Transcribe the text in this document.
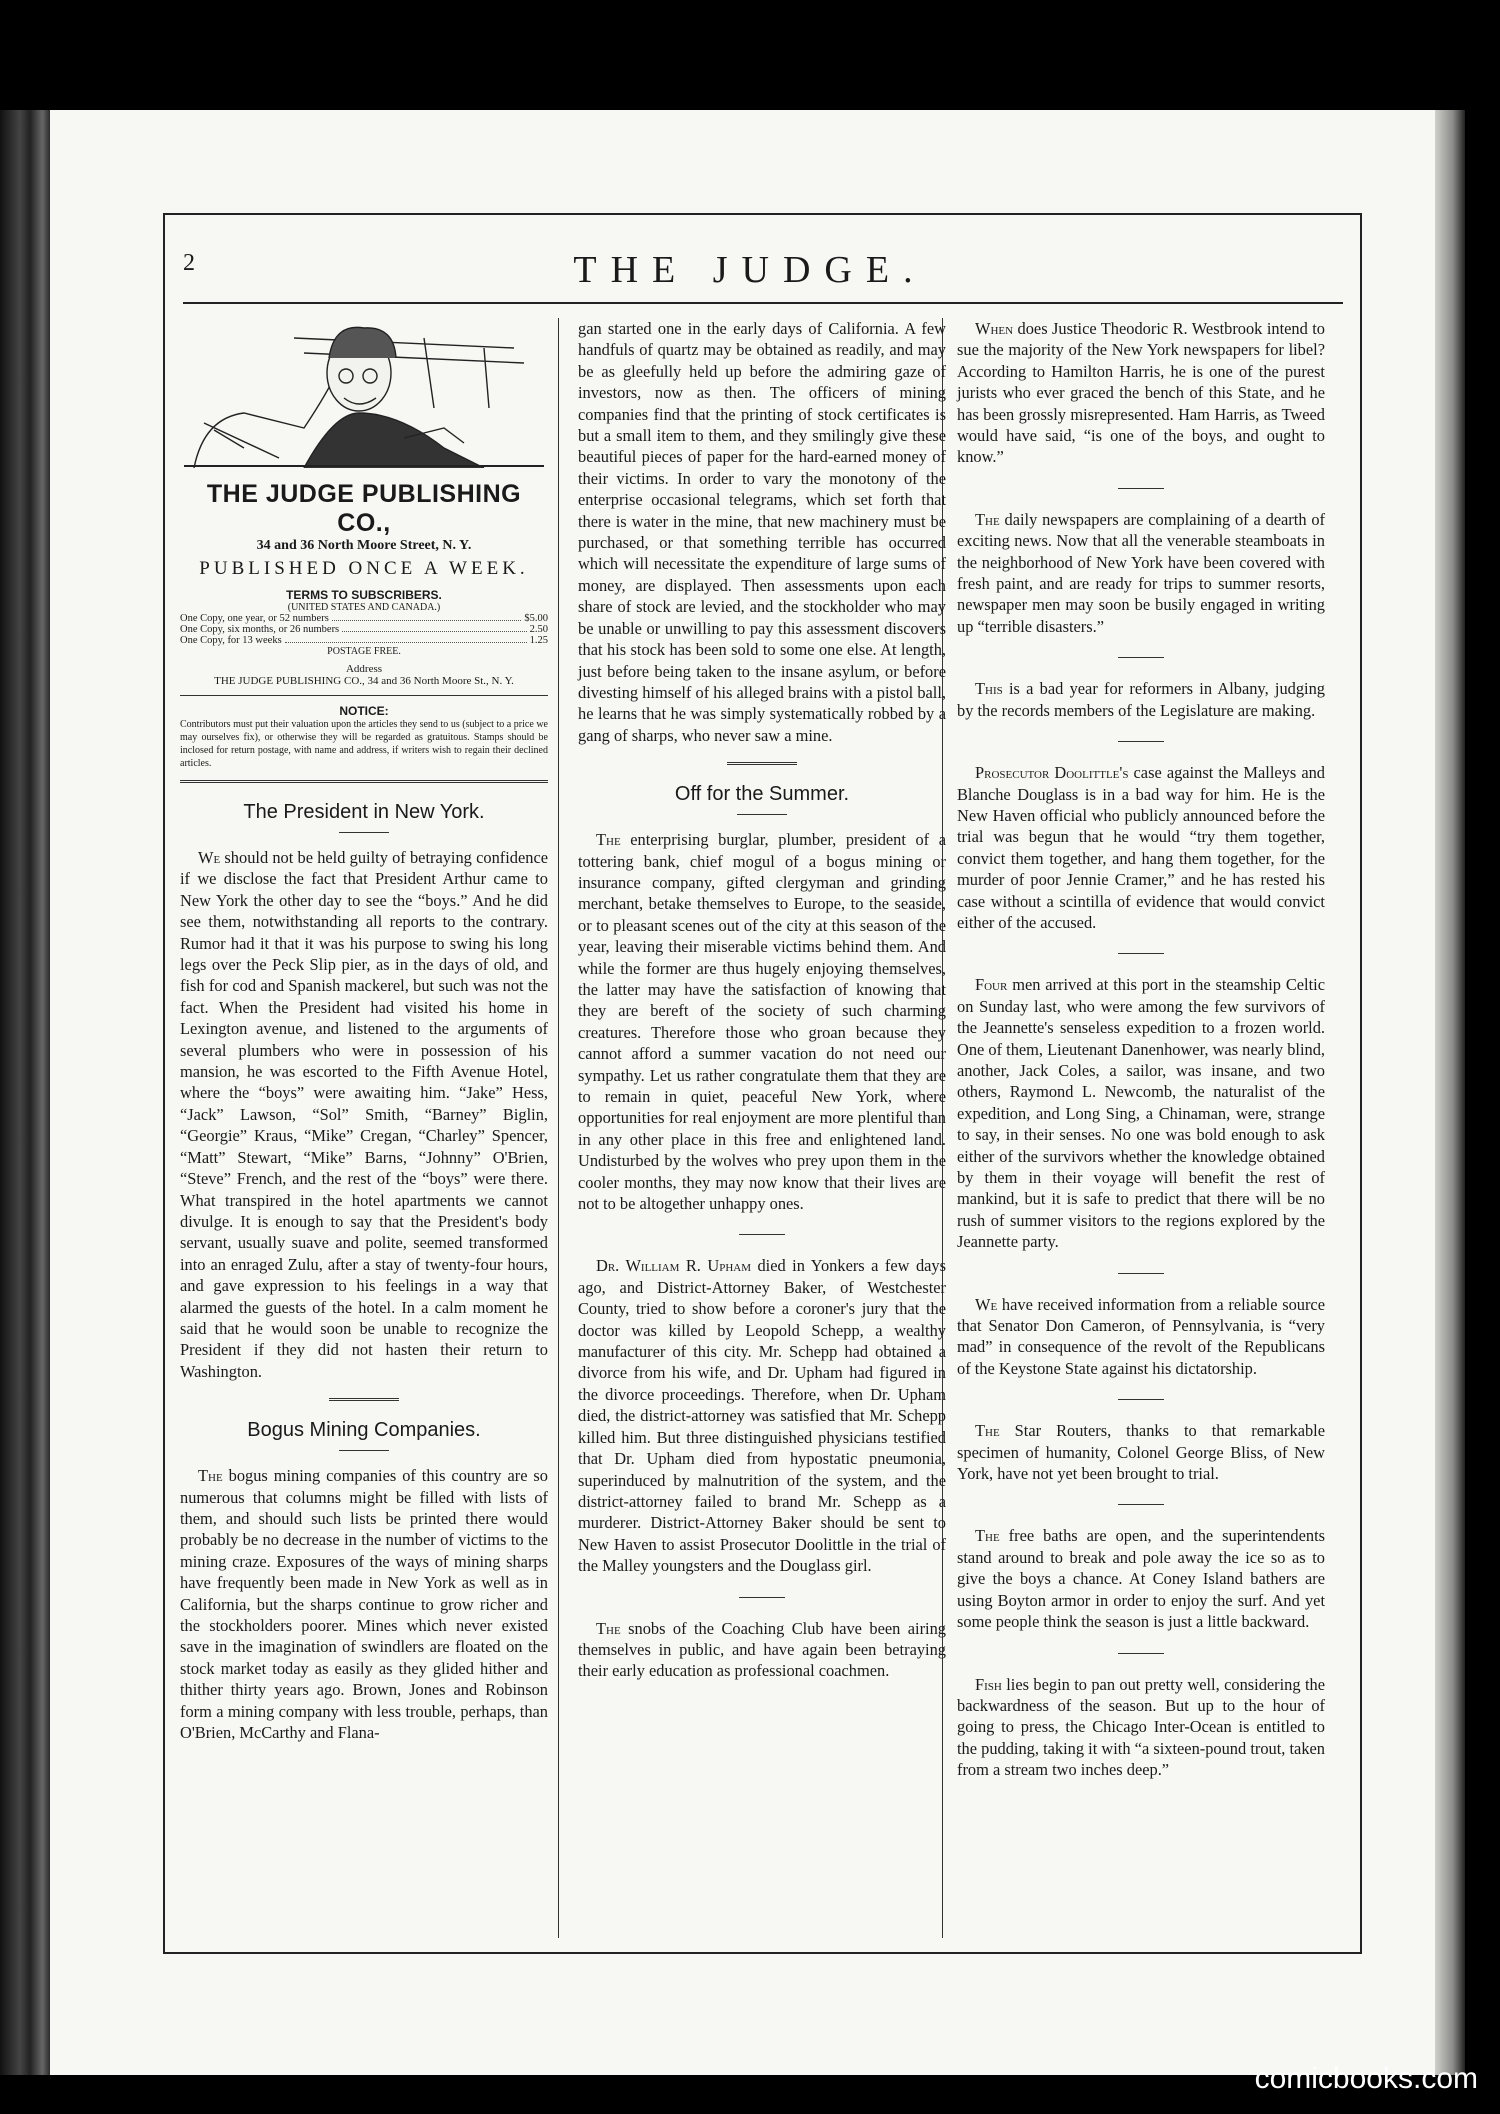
2	THE JUDGE.
THE JUDGE PUBLISHING CO.,
34 and 36 North Moore Street, N. Y.
PUBLISHED ONCE A WEEK.
TERMS TO SUBSCRIBERS.
(UNITED STATES AND CANADA.)
One Copy, one year, or 52 numbers	$5.00
One Copy, six months, or 26 numbers	2.50
One Copy, for 13 weeks	1.25
POSTAGE FREE.
Address
THE JUDGE PUBLISHING CO., 34 and 36 North Moore St., N. Y.
NOTICE:
Contributors must put their valuation upon the articles they send to us (subject to a price we may ourselves fix), or otherwise they will be regarded as gratuitous. Stamps should be inclosed for return postage, with name and address, if writers wish to regain their declined articles.
The President in New York.

We should not be held guilty of betraying confidence if we disclose the fact that President Arthur came to New York the other day to see the “boys.” And he did see them, notwithstanding all reports to the contrary. Rumor had it that it was his purpose to swing his long legs over the Peck Slip pier, as in the days of old, and fish for cod and Spanish mackerel, but such was not the fact. When the President had visited his home in Lexington avenue, and listened to the arguments of several plumbers who were in possession of his mansion, he was escorted to the Fifth Avenue Hotel, where the “boys” were awaiting him. “Jake” Hess, “Jack” Lawson, “Sol” Smith, “Barney” Biglin, “Georgie” Kraus, “Mike” Cregan, “Charley” Spencer, “Matt” Stewart, “Mike” Barns, “Johnny” O'Brien, “Steve” French, and the rest of the “boys” were there. What transpired in the hotel apartments we cannot divulge. It is enough to say that the President's body servant, usually suave and polite, seemed transformed into an enraged Zulu, after a stay of twenty-four hours, and gave expression to his feelings in a way that alarmed the guests of the hotel. In a calm moment he said that he would soon be unable to recognize the President if they did not hasten their return to Washington.

Bogus Mining Companies.

The bogus mining companies of this country are so numerous that columns might be filled with lists of them, and should such lists be printed there would probably be no decrease in the number of victims to the mining craze. Exposures of the ways of mining sharps have frequently been made in New York as well as in California, but the sharps continue to grow richer and the stockholders poorer. Mines which never existed save in the imagination of swindlers are floated on the stock market today as easily as they glided hither and thither thirty years ago. Brown, Jones and Robinson form a mining company with less trouble, perhaps, than O'Brien, McCarthy and Flana-

gan started one in the early days of California. A few handfuls of quartz may be obtained as readily, and may be as gleefully held up before the admiring gaze of investors, now as then. The officers of mining companies find that the printing of stock certificates is but a small item to them, and they smilingly give these beautiful pieces of paper for the hard-earned money of their victims. In order to vary the monotony of the enterprise occasional telegrams, which set forth that there is water in the mine, that new machinery must be purchased, or that something terrible has occurred which will necessitate the expenditure of large sums of money, are displayed. Then assessments upon each share of stock are levied, and the stockholder who may be unable or unwilling to pay this assessment discovers that his stock has been sold to some one else. At length, just before being taken to the insane asylum, or before divesting himself of his alleged brains with a pistol ball, he learns that he was simply systematically robbed by a gang of sharps, who never saw a mine.

Off for the Summer.

The enterprising burglar, plumber, president of a tottering bank, chief mogul of a bogus mining or insurance company, gifted clergyman and grinding merchant, betake themselves to Europe, to the seaside, or to pleasant scenes out of the city at this season of the year, leaving their miserable victims behind them. And while the former are thus hugely enjoying themselves, the latter may have the satisfaction of knowing that they are bereft of the society of such charming creatures. Therefore those who groan because they cannot afford a summer vacation do not need our sympathy. Let us rather congratulate them that they are to remain in quiet, peaceful New York, where opportunities for real enjoyment are more plentiful than in any other place in this free and enlightened land. Undisturbed by the wolves who prey upon them in the cooler months, they may now know that their lives are not to be altogether unhappy ones.

Dr. William R. Upham died in Yonkers a few days ago, and District-Attorney Baker, of Westchester County, tried to show before a coroner's jury that the doctor was killed by Leopold Schepp, a wealthy manufacturer of this city. Mr. Schepp had obtained a divorce from his wife, and Dr. Upham had figured in the divorce proceedings. Therefore, when Dr. Upham died, the district-attorney was satisfied that Mr. Schepp killed him. But three distinguished physicians testified that Dr. Upham died from hypostatic pneumonia, superinduced by malnutrition of the system, and the district-attorney failed to brand Mr. Schepp as a murderer. District-Attorney Baker should be sent to New Haven to assist Prosecutor Doolittle in the trial of the Malley youngsters and the Douglass girl.

The snobs of the Coaching Club have been airing themselves in public, and have again been betraying their early education as professional coachmen.

When does Justice Theodoric R. Westbrook intend to sue the majority of the New York newspapers for libel? According to Hamilton Harris, he is one of the purest jurists who ever graced the bench of this State, and he has been grossly misrepresented. Ham Harris, as Tweed would have said, “is one of the boys, and ought to know.”

The daily newspapers are complaining of a dearth of exciting news. Now that all the venerable steamboats in the neighborhood of New York have been covered with fresh paint, and are ready for trips to summer resorts, newspaper men may soon be busily engaged in writing up “terrible disasters.”

This is a bad year for reformers in Albany, judging by the records members of the Legislature are making.

Prosecutor Doolittle's case against the Malleys and Blanche Douglass is in a bad way for him. He is the New Haven official who publicly announced before the trial was begun that he would “try them together, convict them together, and hang them together, for the murder of poor Jennie Cramer,” and he has rested his case without a scintilla of evidence that would convict either of the accused.

Four men arrived at this port in the steamship Celtic on Sunday last, who were among the few survivors of the Jeannette's senseless expedition to a frozen world. One of them, Lieutenant Danenhower, was nearly blind, another, Jack Coles, a sailor, was insane, and two others, Raymond L. Newcomb, the naturalist of the expedition, and Long Sing, a Chinaman, were, strange to say, in their senses. No one was bold enough to ask either of the survivors whether the knowledge obtained by them in their voyage will benefit the rest of mankind, but it is safe to predict that there will be no rush of summer visitors to the regions explored by the Jeannette party.

We have received information from a reliable source that Senator Don Cameron, of Pennsylvania, is “very mad” in consequence of the revolt of the Republicans of the Keystone State against his dictatorship.

The Star Routers, thanks to that remarkable specimen of humanity, Colonel George Bliss, of New York, have not yet been brought to trial.

The free baths are open, and the superintendents stand around to break and pole away the ice so as to give the boys a chance. At Coney Island bathers are using Boyton armor in order to enjoy the surf. And yet some people think the season is just a little backward.

Fish lies begin to pan out pretty well, considering the backwardness of the season. But up to the hour of going to press, the Chicago Inter-Ocean is entitled to the pudding, taking it with “a sixteen-pound trout, taken from a stream two inches deep.”

comicbooks.com
